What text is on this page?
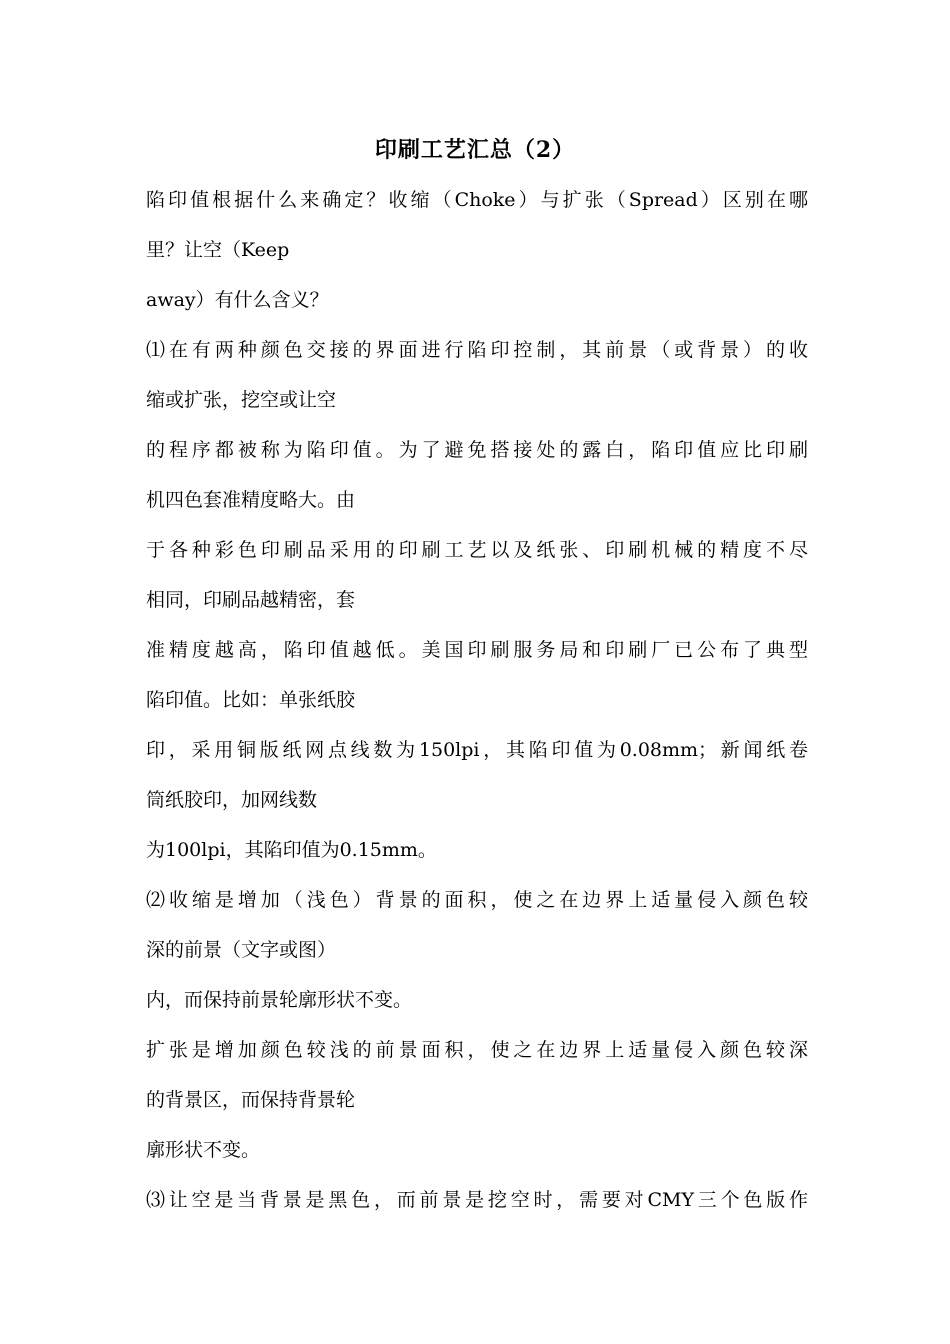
印刷工艺汇总（2）
陷印值根据什么来确定？收缩（Choke）与扩张（Spread）区别在哪
里？让空（Keep
away）有什么含义？
⑴在有两种颜色交接的界面进行陷印控制，其前景（或背景）的收
缩或扩张，挖空或让空
的程序都被称为陷印值。为了避免搭接处的露白，陷印值应比印刷
机四色套准精度略大。由
于各种彩色印刷品采用的印刷工艺以及纸张、印刷机械的精度不尽
相同，印刷品越精密，套
准精度越高，陷印值越低。美国印刷服务局和印刷厂已公布了典型
陷印值。比如：单张纸胶
印，采用铜版纸网点线数为150lpi，其陷印值为0.08mm；新闻纸卷
筒纸胶印，加网线数
为100lpi，其陷印值为0.15mm。
⑵收缩是增加（浅色）背景的面积，使之在边界上适量侵入颜色较
深的前景（文字或图）
内，而保持前景轮廓形状不变。
扩张是增加颜色较浅的前景面积，使之在边界上适量侵入颜色较深
的背景区，而保持背景轮
廓形状不变。
⑶让空是当背景是黑色，而前景是挖空时，需要对CMY三个色版作
